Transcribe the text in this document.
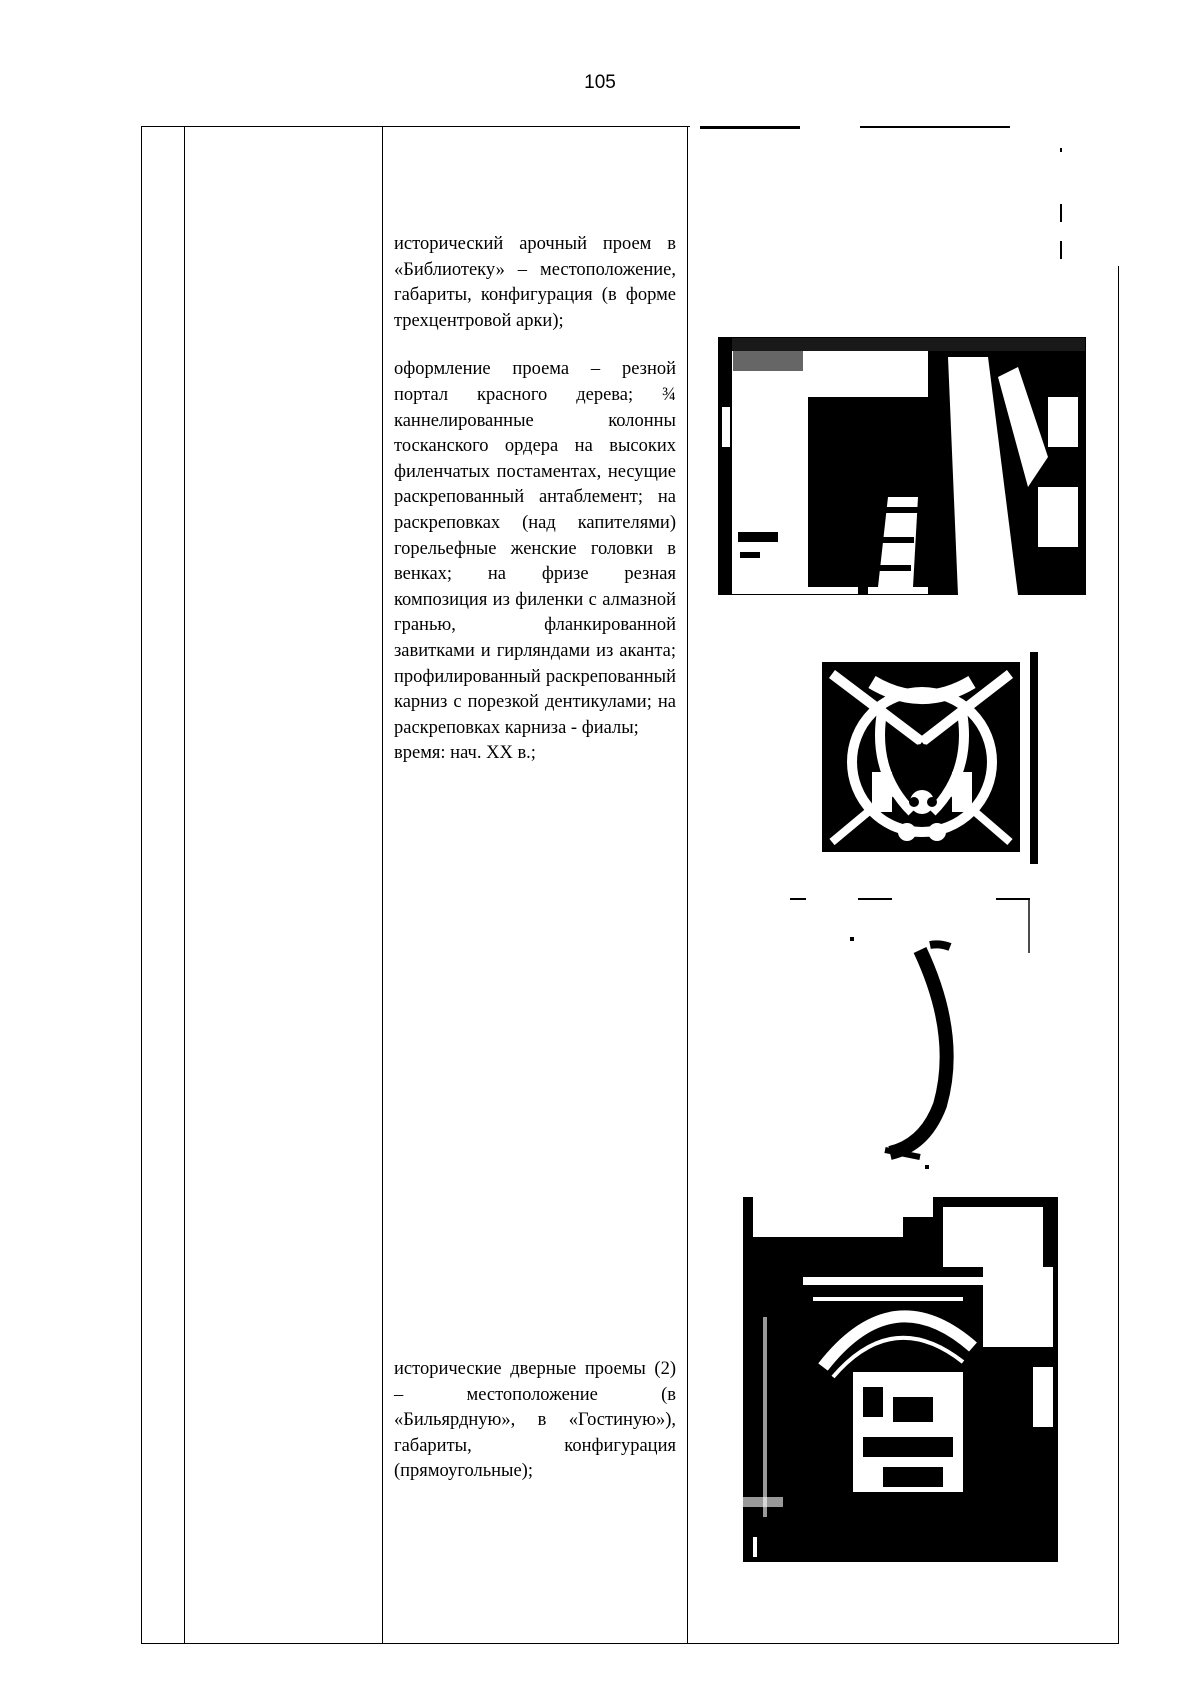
105

исторический арочный проем в «Библиотеку» – местоположение, габариты, конфигурация (в форме трехцентровой арки);

оформление проема – резной портал красного дерева; ¾ каннелированные колонны тосканского ордера на высоких филенчатых постаментах, несущие раскрепованный антаблемент; на раскреповках (над капителями) горельефные женские головки в венках; на фризе резная композиция из филенки с алмазной гранью, фланкированной завитками и гирляндами из аканта; профилированный раскрепованный карниз с порезкой дентикулами; на раскреповках карниза - фиалы;

время: нач. XX в.;

исторические дверные проемы (2) – местоположение (в «Бильярдную», в «Гостиную»), габариты, конфигурация (прямоугольные);
